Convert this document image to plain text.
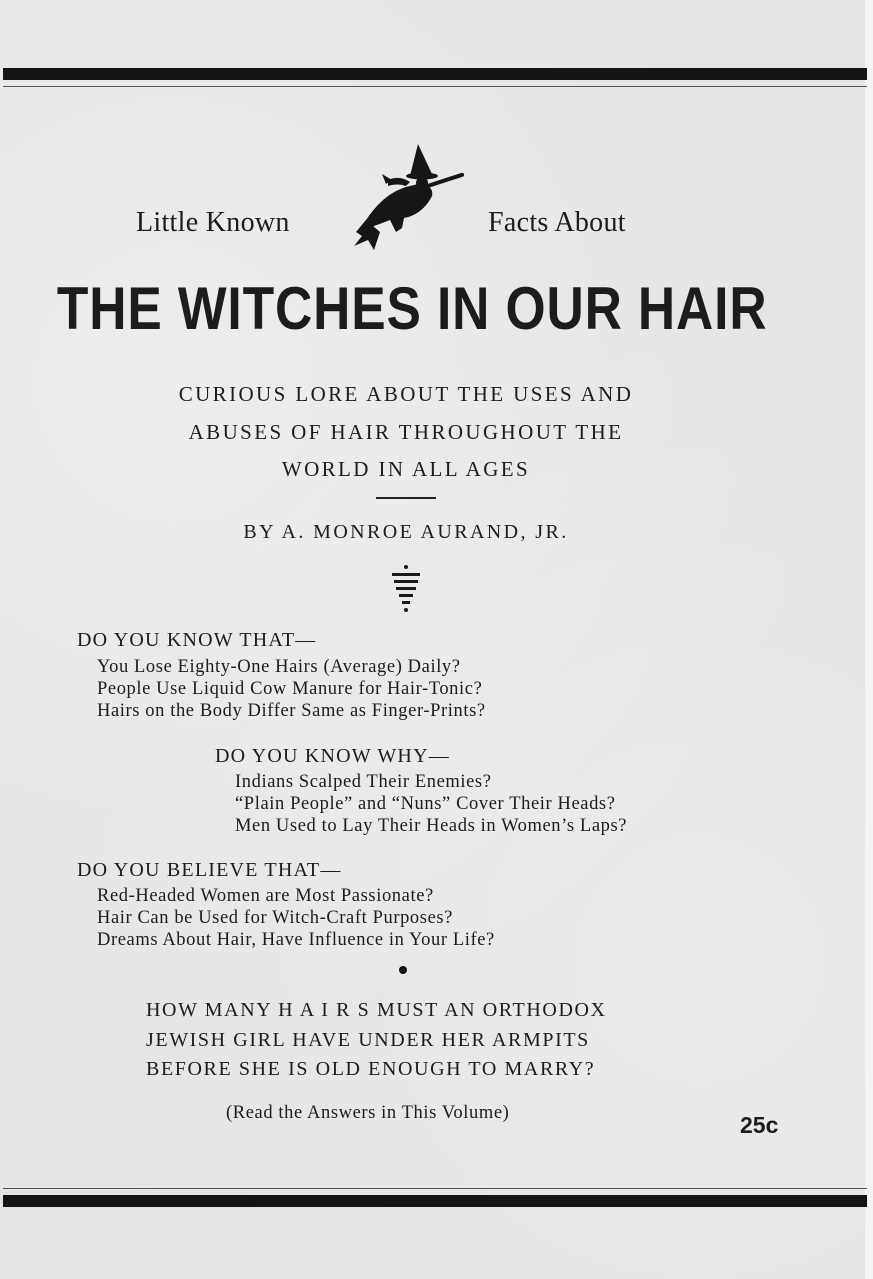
Little Known	Facts About
THE WITCHES IN OUR HAIR
CURIOUS LORE ABOUT THE USES AND
ABUSES OF HAIR THROUGHOUT THE
WORLD IN ALL AGES
BY A. MONROE AURAND, JR.
DO YOU KNOW THAT—
You Lose Eighty-One Hairs (Average) Daily?
People Use Liquid Cow Manure for Hair-Tonic?
Hairs on the Body Differ Same as Finger-Prints?
DO YOU KNOW WHY—
Indians Scalped Their Enemies?
“Plain People” and “Nuns” Cover Their Heads?
Men Used to Lay Their Heads in Women’s Laps?
DO YOU BELIEVE THAT—
Red-Headed Women are Most Passionate?
Hair Can be Used for Witch-Craft Purposes?
Dreams About Hair, Have Influence in Your Life?
HOW MANY H A I R S MUST AN ORTHODOX
JEWISH GIRL HAVE UNDER HER ARMPITS
BEFORE SHE IS OLD ENOUGH TO MARRY?
(Read the Answers in This Volume)	25c
